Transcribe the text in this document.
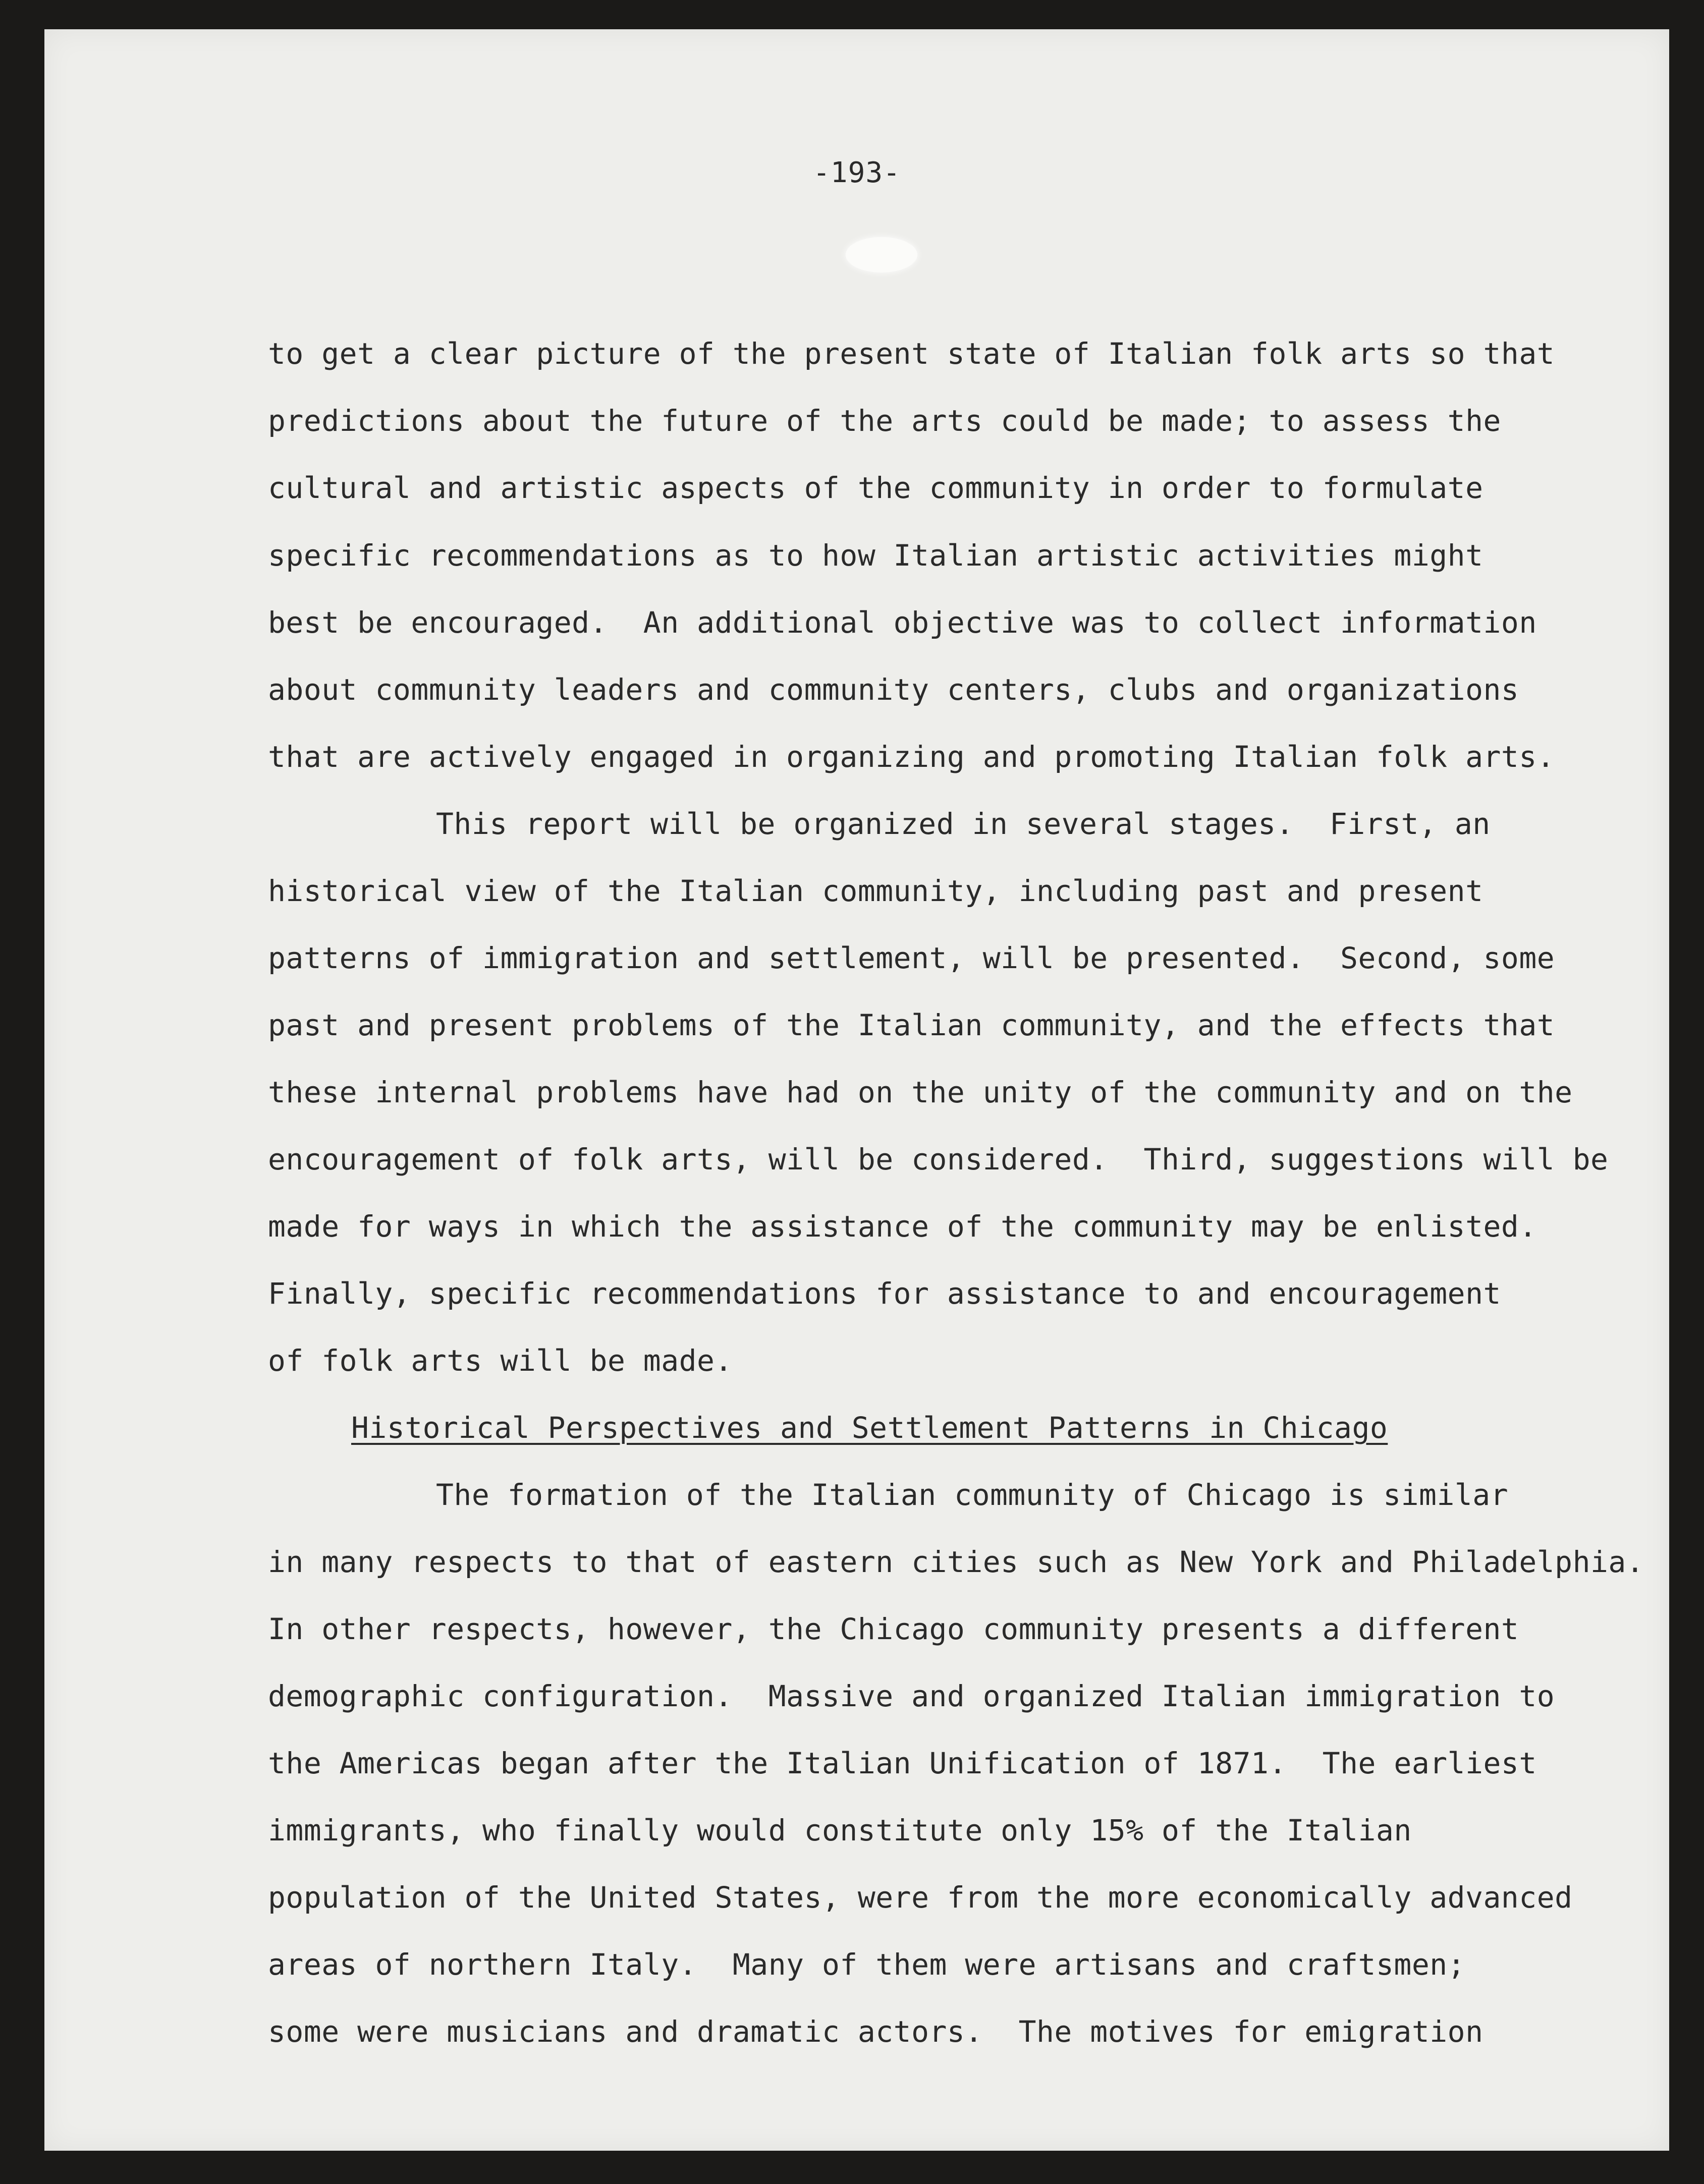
-193-
to get a clear picture of the present state of Italian folk arts so that
predictions about the future of the arts could be made; to assess the
cultural and artistic aspects of the community in order to formulate
specific recommendations as to how Italian artistic activities might
best be encouraged.  An additional objective was to collect information
about community leaders and community centers, clubs and organizations
that are actively engaged in organizing and promoting Italian folk arts.
This report will be organized in several stages.  First, an
historical view of the Italian community, including past and present
patterns of immigration and settlement, will be presented.  Second, some
past and present problems of the Italian community, and the effects that
these internal problems have had on the unity of the community and on the
encouragement of folk arts, will be considered.  Third, suggestions will be
made for ways in which the assistance of the community may be enlisted.
Finally, specific recommendations for assistance to and encouragement
of folk arts will be made.
Historical Perspectives and Settlement Patterns in Chicago
The formation of the Italian community of Chicago is similar
in many respects to that of eastern cities such as New York and Philadelphia.
In other respects, however, the Chicago community presents a different
demographic configuration.  Massive and organized Italian immigration to
the Americas began after the Italian Unification of 1871.  The earliest
immigrants, who finally would constitute only 15% of the Italian
population of the United States, were from the more economically advanced
areas of northern Italy.  Many of them were artisans and craftsmen;
some were musicians and dramatic actors.  The motives for emigration
